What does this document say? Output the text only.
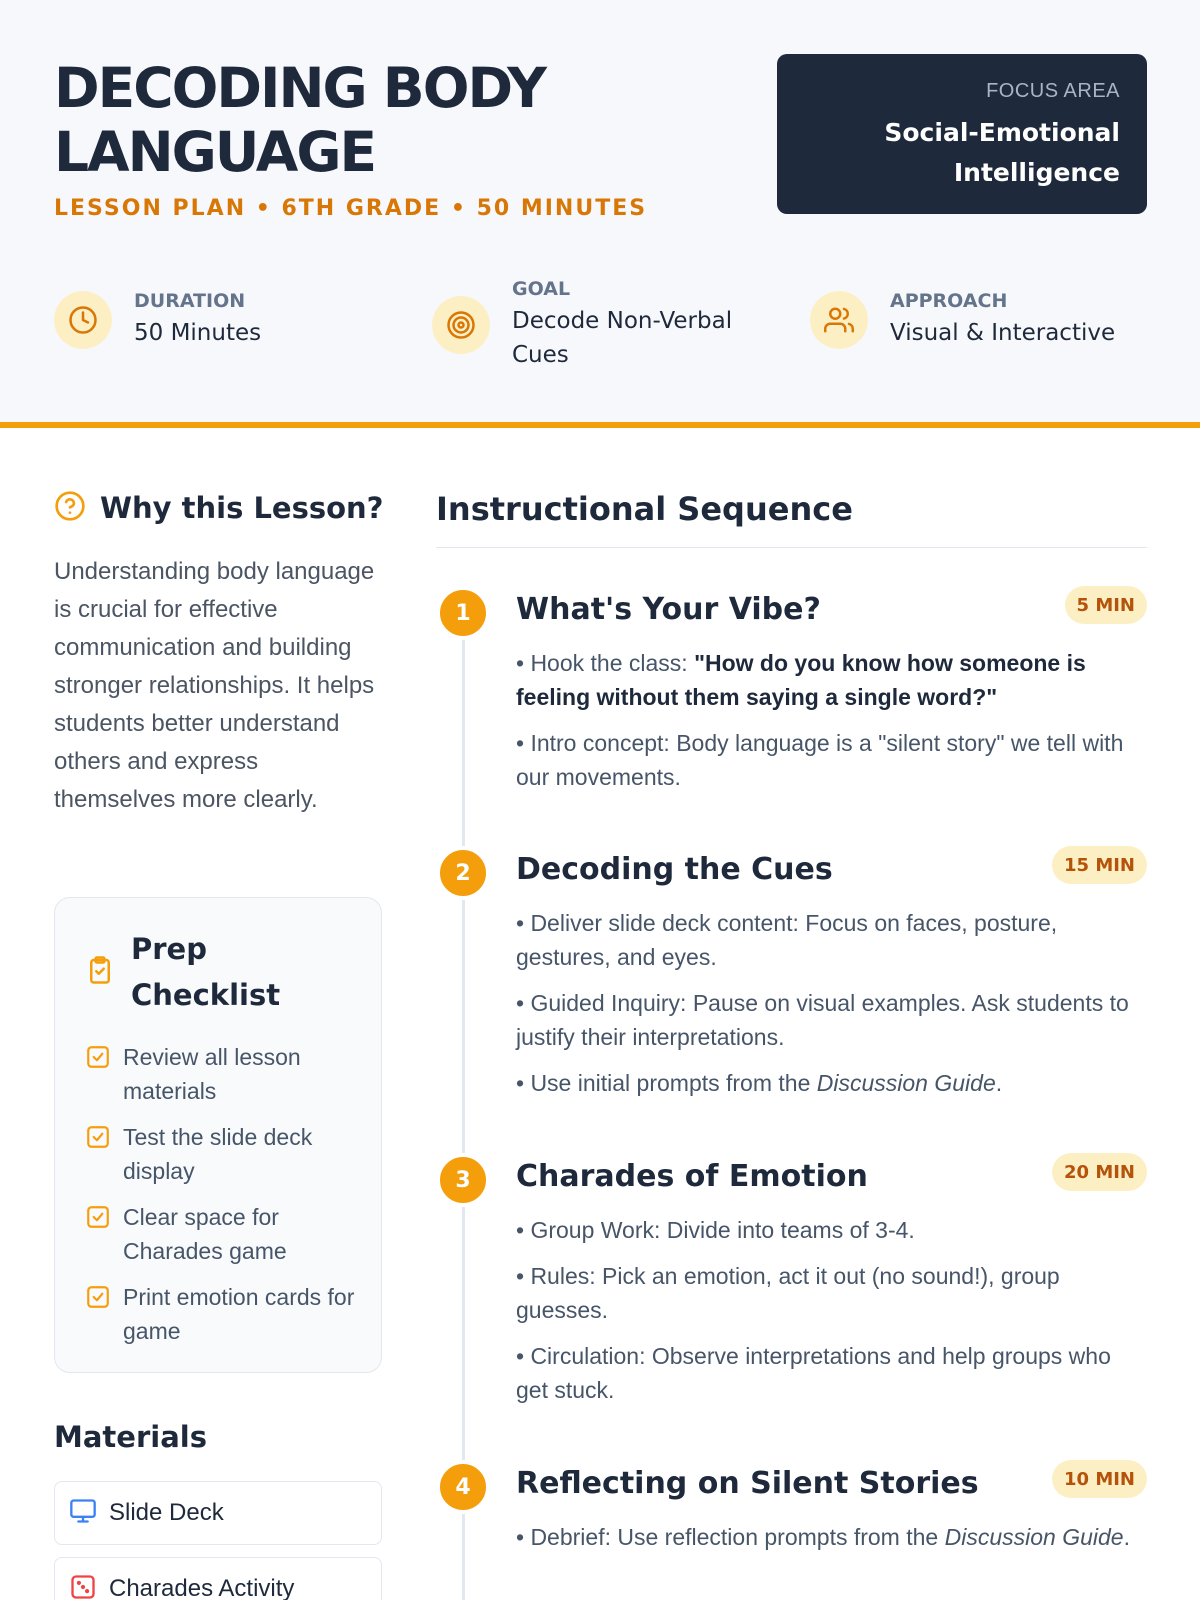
DECODING BODY LANGUAGE
LESSON PLAN • 6TH GRADE • 50 MINUTES
FOCUS AREA
Social-Emotional Intelligence
DURATION
50 Minutes
GOAL
Decode Non-Verbal Cues
APPROACH
Visual & Interactive
Why this Lesson?

Understanding body language is crucial for effective communication and building stronger relationships. It helps students better understand others and express themselves more clearly.

Prep Checklist
Review all lesson materials
Test the slide deck display
Clear space for Charades game
Print emotion cards for game
Materials
Slide Deck
Charades Activity
Instructional Sequence
1	What's Your Vibe?	5 MIN
• Hook the class: "How do you know how someone is feeling without them saying a single word?"
• Intro concept: Body language is a "silent story" we tell with our movements.
2	Decoding the Cues	15 MIN
• Deliver slide deck content: Focus on faces, posture, gestures, and eyes.
• Guided Inquiry: Pause on visual examples. Ask students to justify their interpretations.
• Use initial prompts from the Discussion Guide.
3	Charades of Emotion	20 MIN
• Group Work: Divide into teams of 3-4.
• Rules: Pick an emotion, act it out (no sound!), group guesses.
• Circulation: Observe interpretations and help groups who get stuck.
4	Reflecting on Silent Stories	10 MIN
• Debrief: Use reflection prompts from the Discussion Guide.
